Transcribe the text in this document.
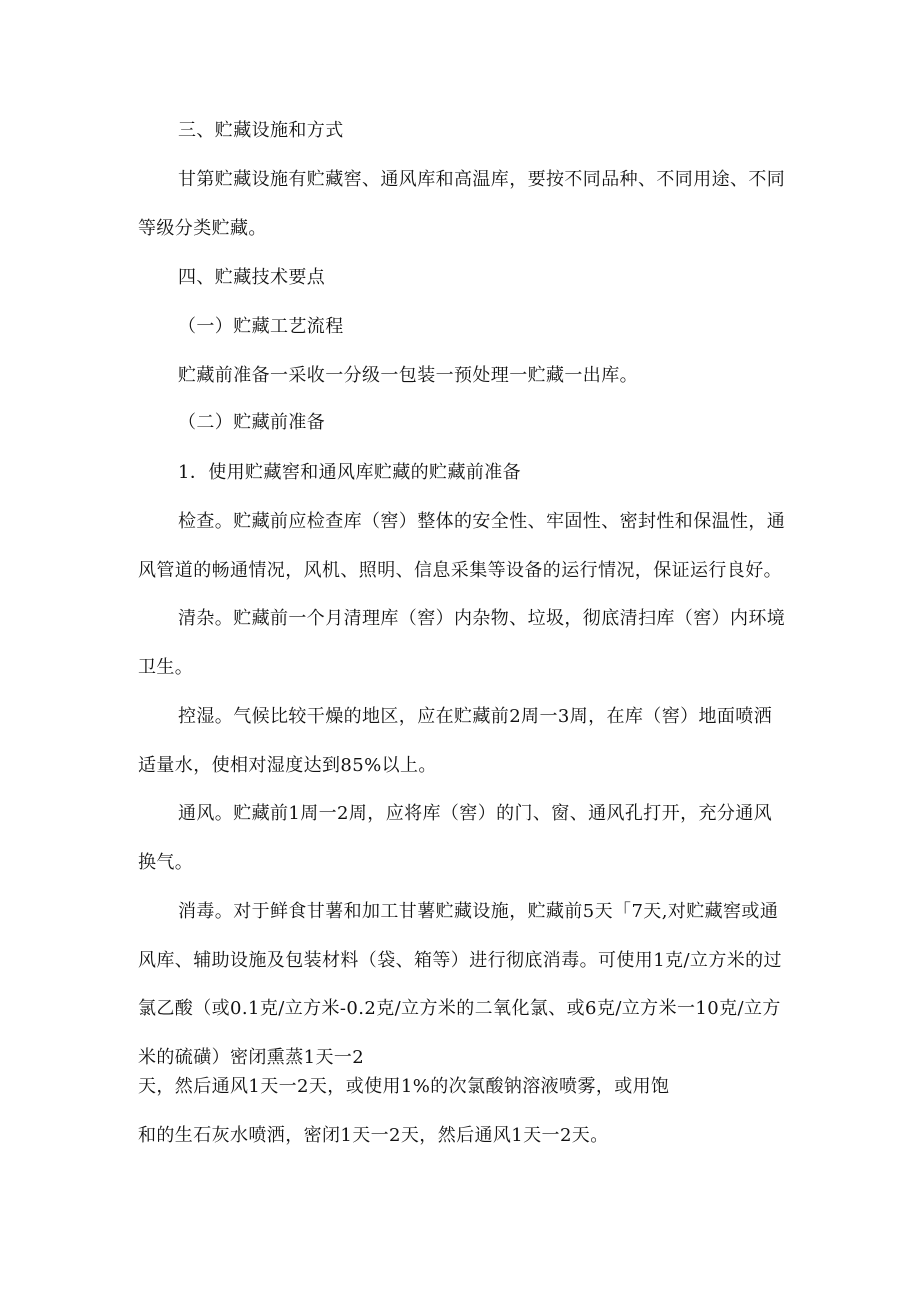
三、贮藏设施和方式
甘第贮藏设施有贮藏窖、通风库和高温库，要按不同品种、不同用途、不同
等级分类贮藏。
四、贮藏技术要点
（一）贮藏工艺流程
贮藏前准备一采收一分级一包装一预处理一贮藏一出库。
（二）贮藏前准备
1．使用贮藏窖和通风库贮藏的贮藏前准备
检查。贮藏前应检查库（窖）整体的安全性、牢固性、密封性和保温性，通
风管道的畅通情况，风机、照明、信息采集等设备的运行情况，保证运行良好。
清杂。贮藏前一个月清理库（窖）内杂物、垃圾，彻底清扫库（窖）内环境
卫生。
控湿。气候比较干燥的地区，应在贮藏前2周一3周，在库（窖）地面喷洒
适量水，使相对湿度达到85%以上。
通风。贮藏前1周一2周，应将库（窖）的门、窗、通风孔打开，充分通风
换气。
消毒。对于鲜食甘薯和加工甘薯贮藏设施，贮藏前5天「7天,对贮藏窖或通
风库、辅助设施及包装材料（袋、箱等）进行彻底消毒。可使用1克/立方米的过
氯乙酸（或0.1克/立方米-0.2克/立方米的二氧化氯、或6克/立方米一10克/立方
米的硫磺）密闭熏蒸1天一2
天，然后通风1天一2天，或使用1%的次氯酸钠溶液喷雾，或用饱
和的生石灰水喷洒，密闭1天一2天，然后通风1天一2天。
